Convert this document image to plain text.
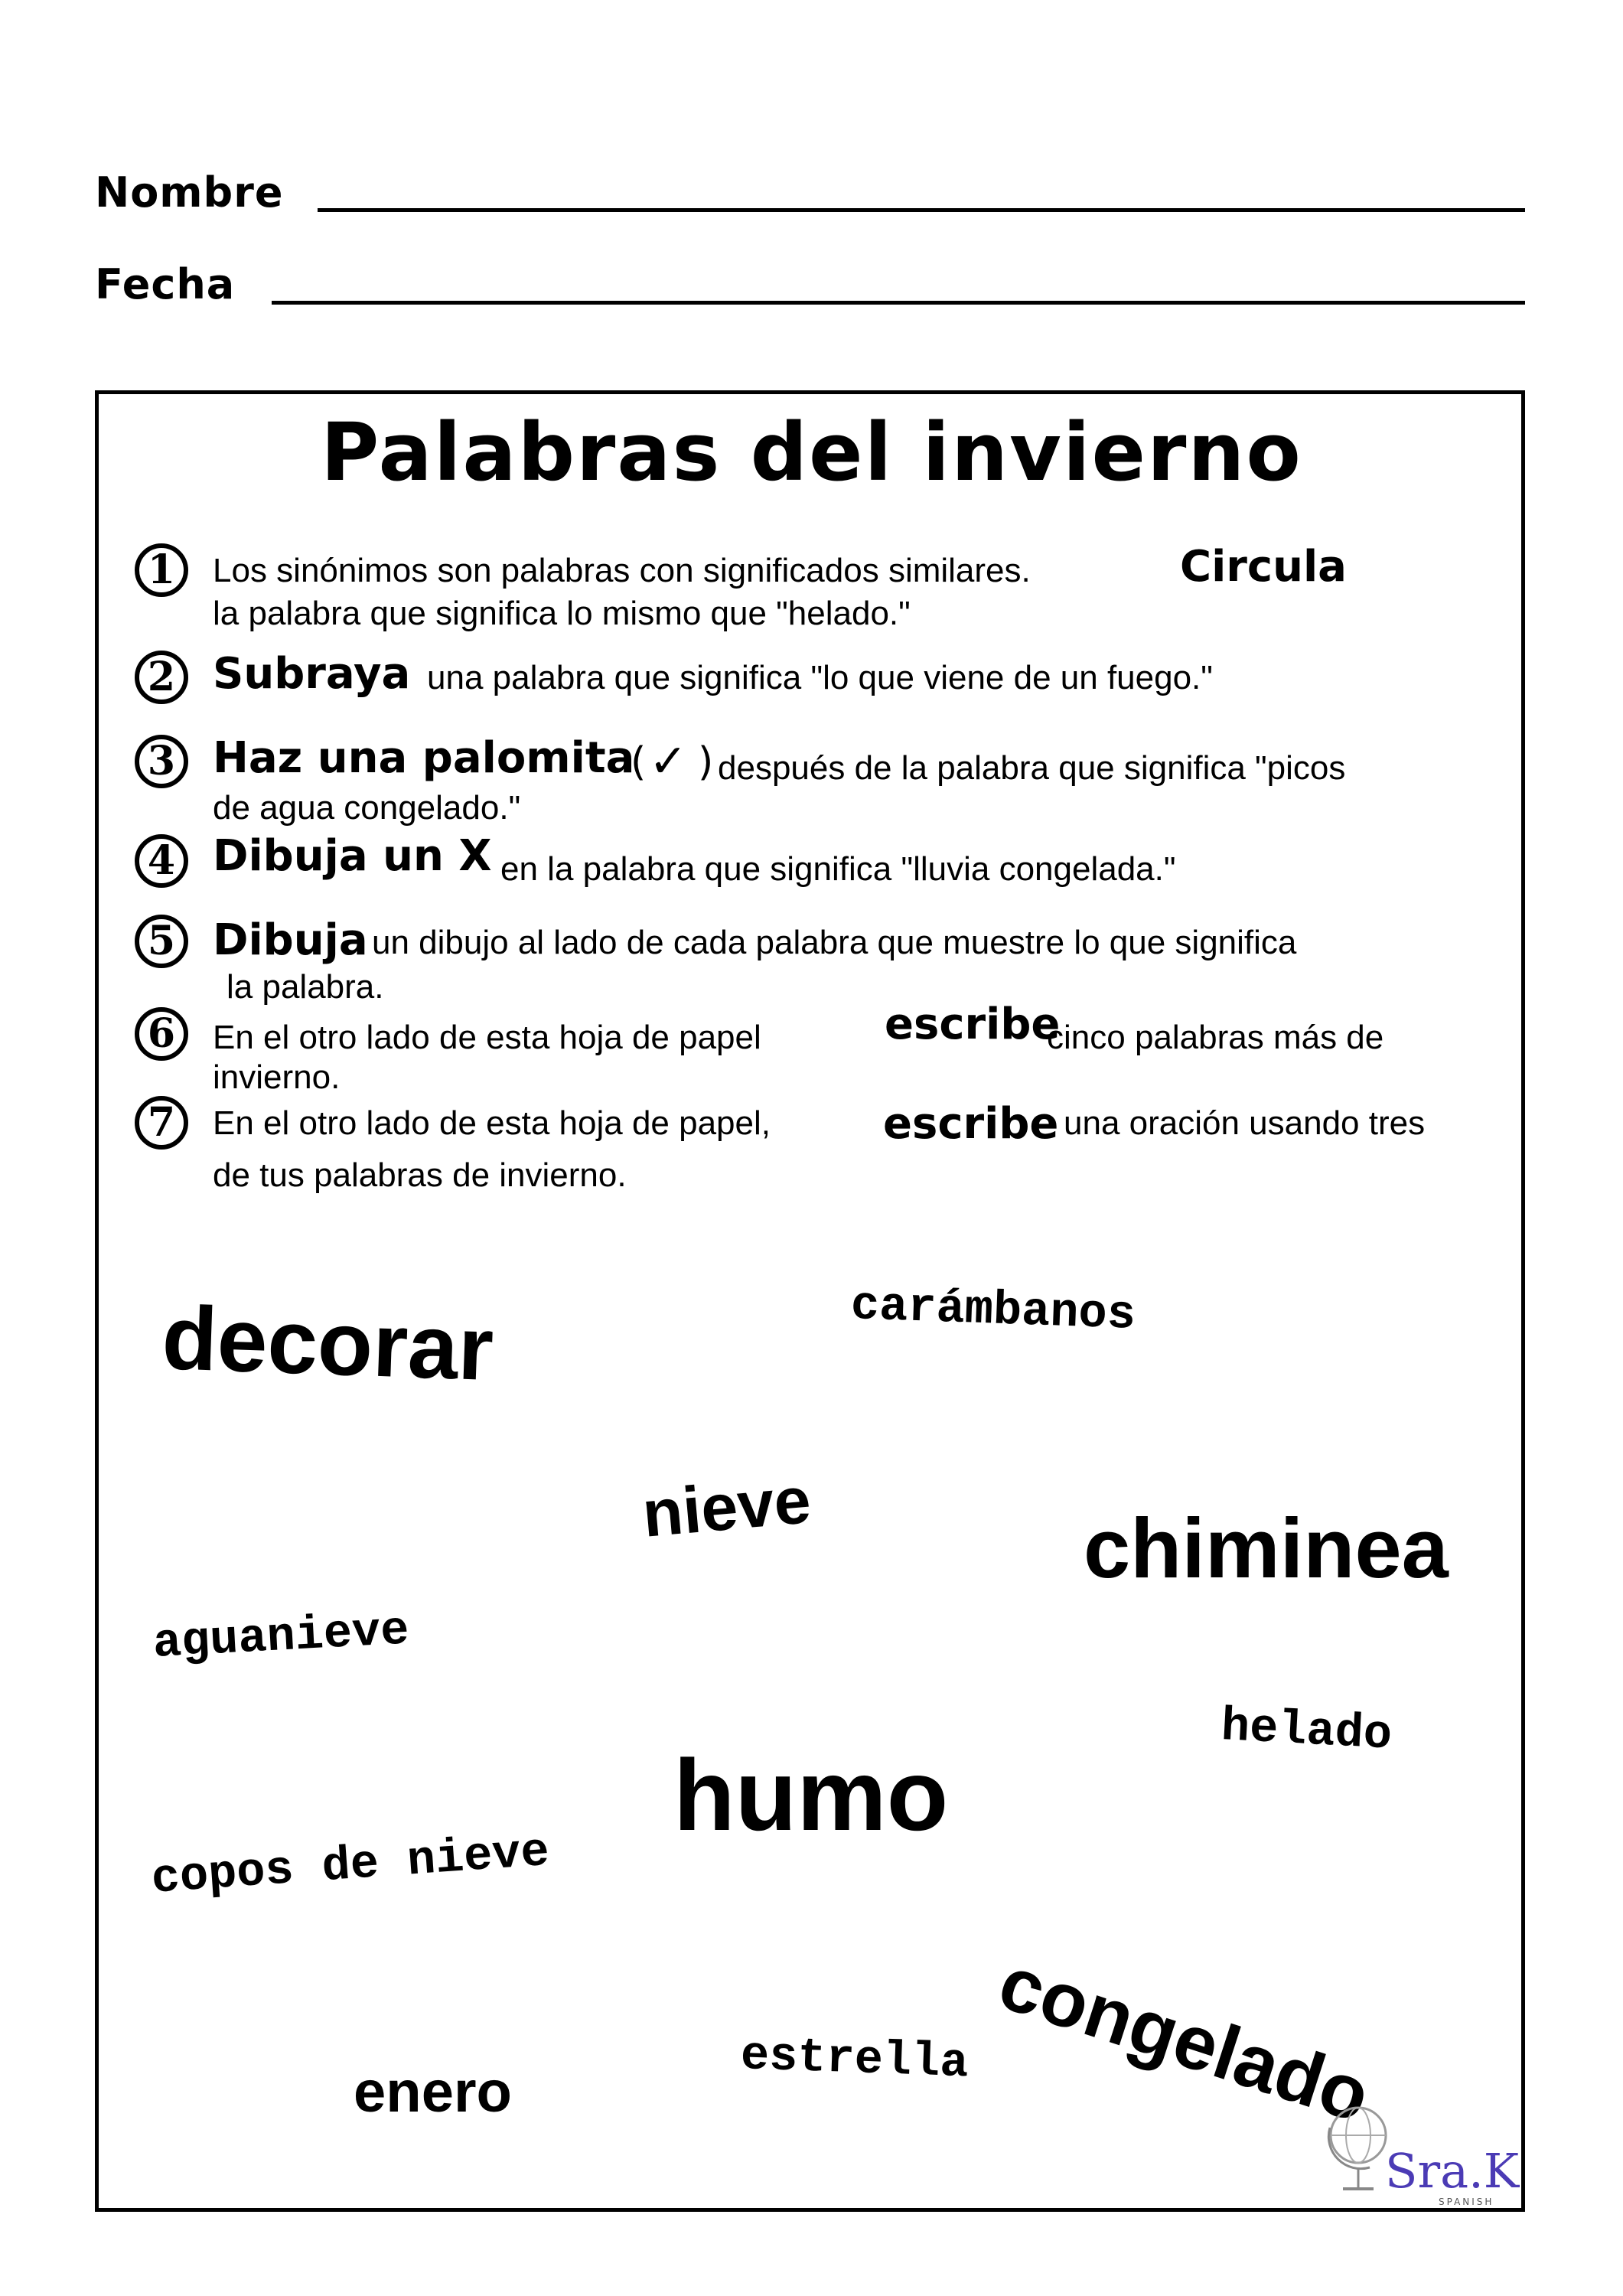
Nombre
Fecha
Palabras del invierno
1	Los sinónimos son palabras con significados similares.	Circula
la palabra que significa lo mismo que "helado."
2 Subraya una palabra que significa "lo que viene de un fuego."
3 Haz una palomita
( ✓ ) después de la palabra que significa "picos
de agua congelado."
4 Dibuja un X en la palabra que significa "lluvia congelada."
5 Dibuja un dibujo al lado de cada palabra que muestre lo que significa
la palabra.
6	En el otro lado de esta hoja de papel	escribe
cinco palabras más de
invierno.
7	En el otro lado de esta hoja de papel,	escribe una oración usando tres
de tus palabras de invierno.
decorar	carámbanos
nieve	chiminea
aguanieve
helado
humo
copos de nieve
congelado
estrella
enero
Sra.K
SPANISH
